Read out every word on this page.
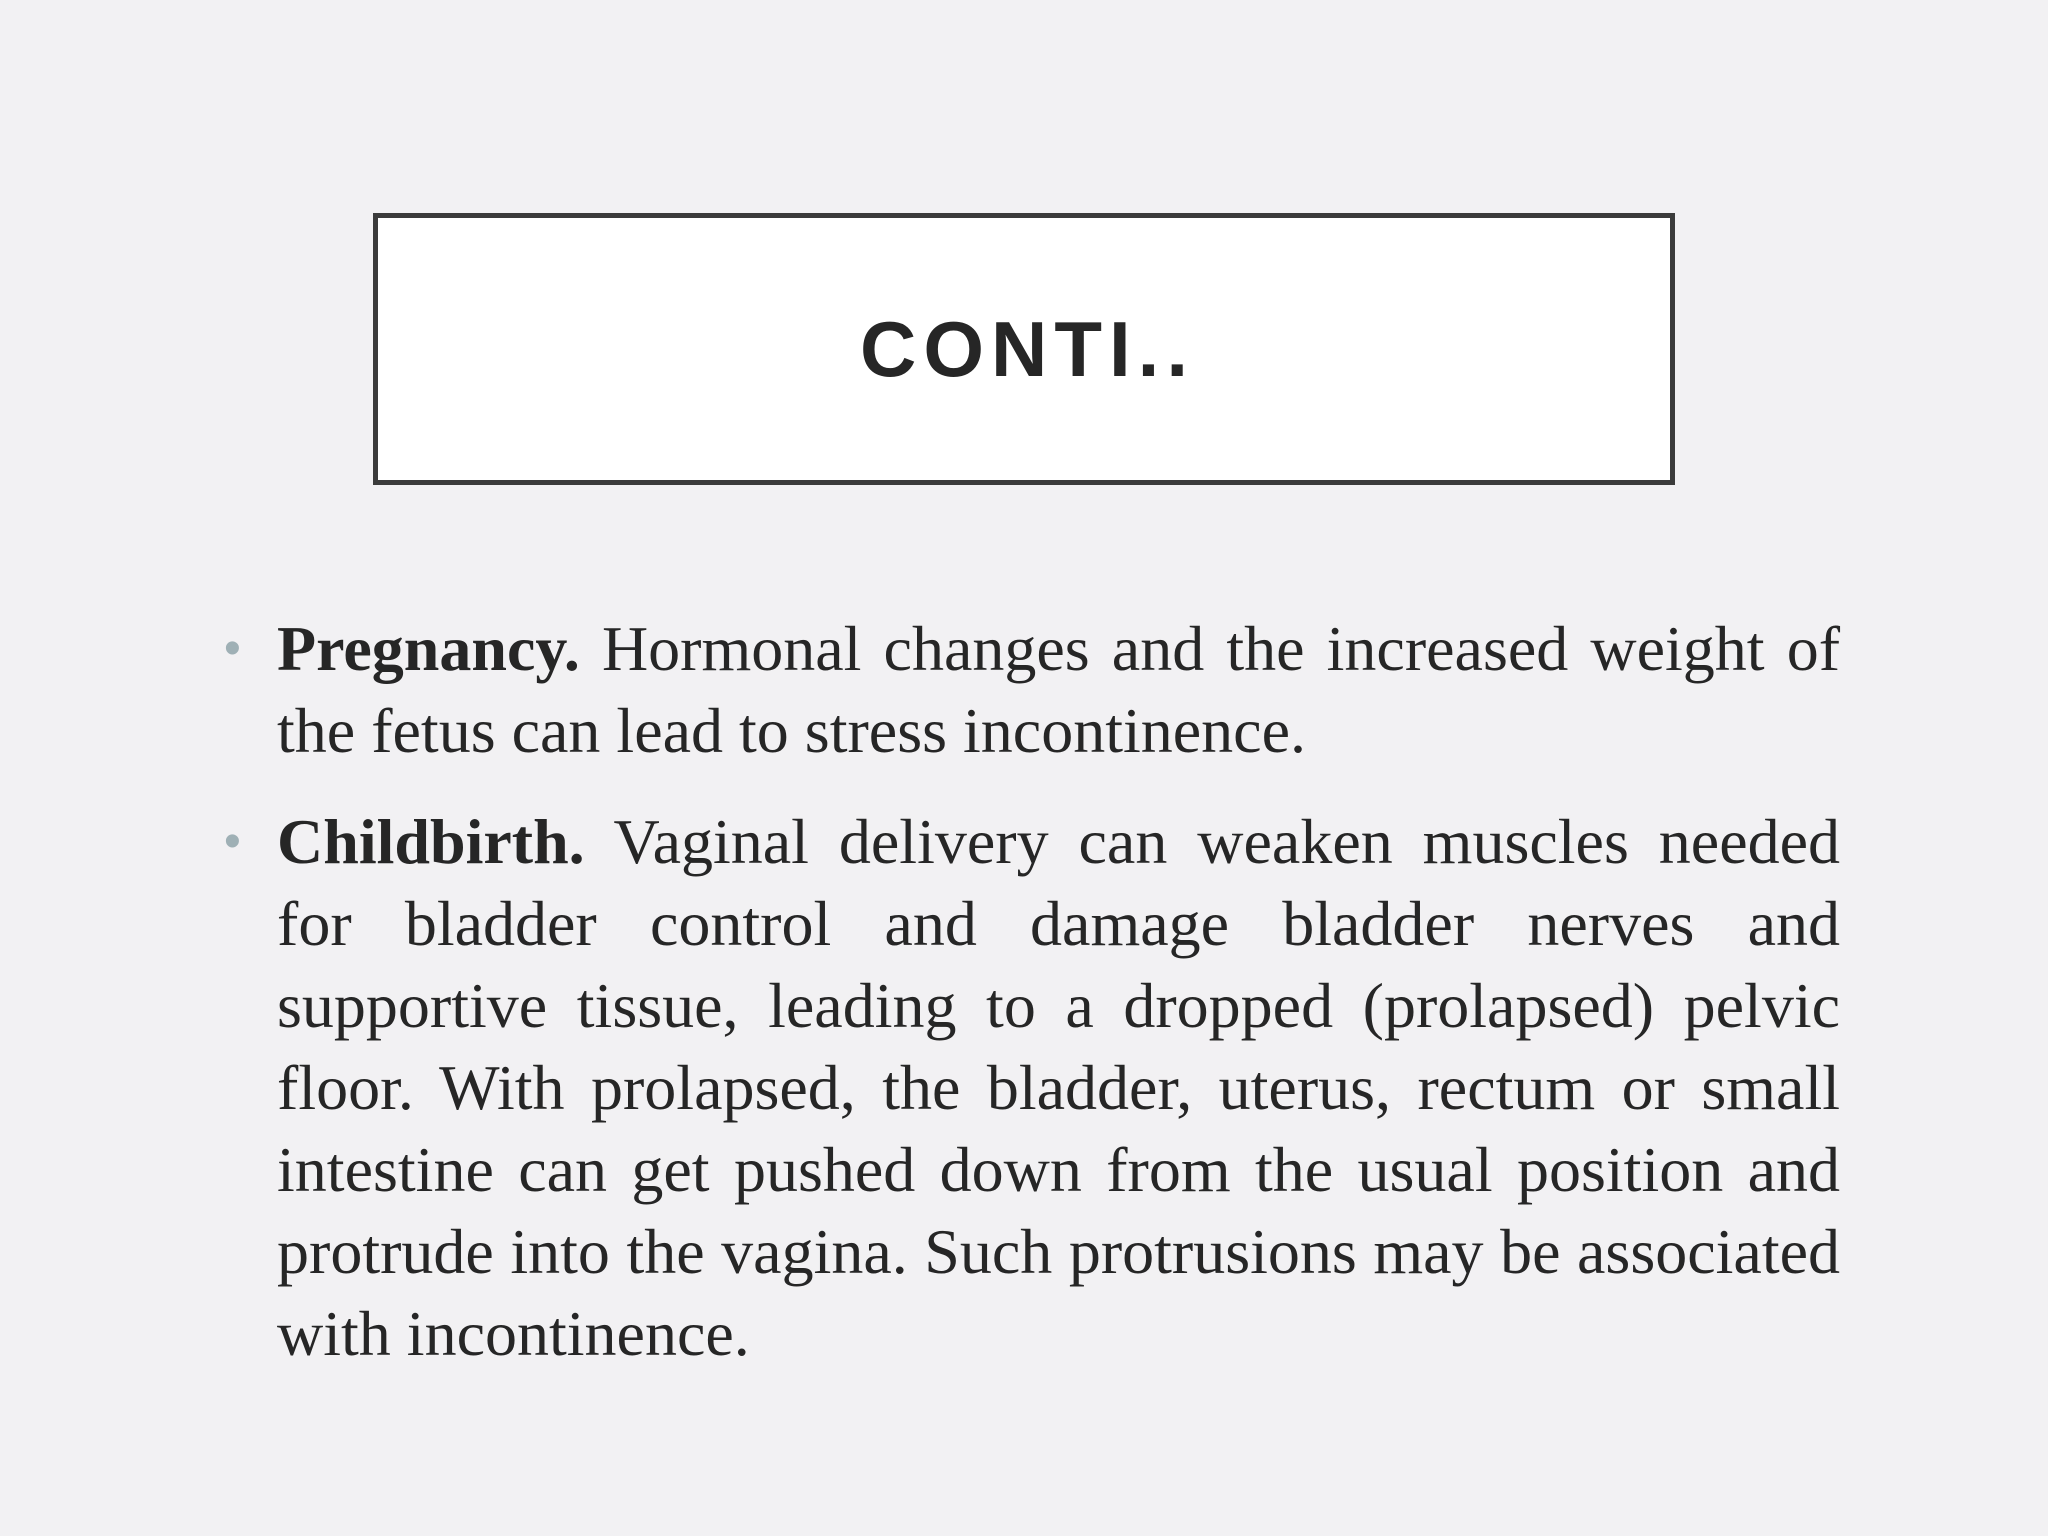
CONTI..
• Pregnancy. Hormonal changes and the increased weight of the fetus can lead to stress incontinence.
• Childbirth. Vaginal delivery can weaken muscles needed for bladder control and damage bladder nerves and supportive tissue, leading to a dropped (prolapsed) pelvic floor. With prolapsed, the bladder, uterus, rectum or small intestine can get pushed down from the usual position and protrude into the vagina. Such protrusions may be associated with incontinence.
